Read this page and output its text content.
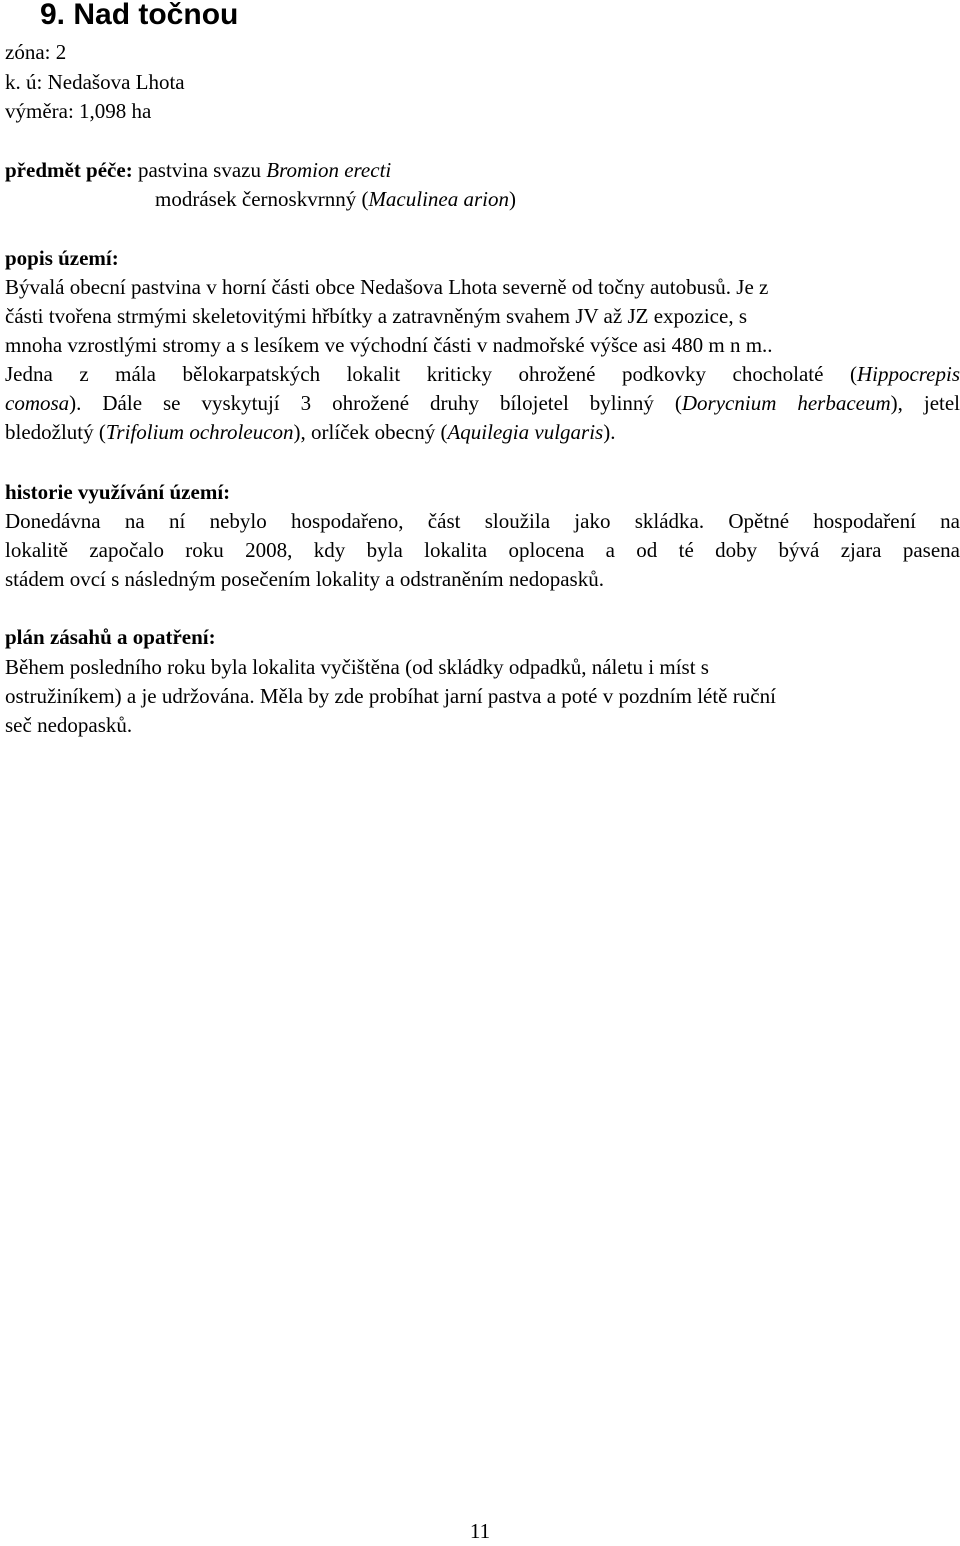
9. Nad točnou
zóna: 2
k. ú: Nedašova Lhota
výměra: 1,098 ha
předmět péče: pastvina svazu Bromion erecti
modrásek černoskvrnný (Maculinea arion)
popis území:
Bývalá obecní pastvina v horní části obce Nedašova Lhota severně od točny autobusů. Je z
části tvořena strmými skeletovitými hřbítky a zatravněným svahem JV až JZ expozice, s
mnoha vzrostlými stromy a s lesíkem ve východní části v nadmořské výšce asi 480 m n m..

Jedna z mála bělokarpatských lokalit kriticky ohrožené podkovky chocholaté (Hippocrepis

comosa). Dále se vyskytují 3 ohrožené druhy bílojetel bylinný (Dorycnium herbaceum), jetel

bledožlutý (Trifolium ochroleucon), orlíček obecný (Aquilegia vulgaris).

historie využívání území:

Donedávna na ní nebylo hospodařeno, část sloužila jako skládka. Opětné hospodaření na

lokalitě započalo roku 2008, kdy byla lokalita oplocena a od té doby bývá zjara pasena

stádem ovcí s následným posečením lokality a odstraněním nedopasků.

plán zásahů a opatření:
Během posledního roku byla lokalita vyčištěna (od skládky odpadků, náletu i míst s
ostružiníkem) a je udržována. Měla by zde probíhat jarní pastva a poté v pozdním létě ruční
seč nedopasků.
11
